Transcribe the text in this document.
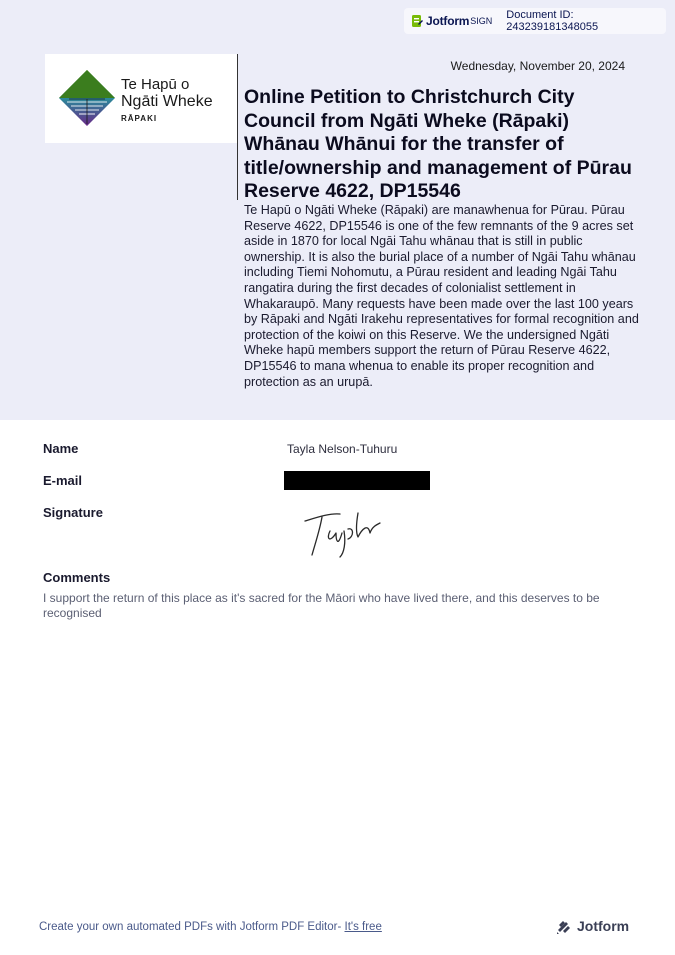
Jotform SIGN Document ID: 243239181348055
Te Hapū o
Ngāti Wheke
RĀPAKI
Wednesday, November 20, 2024
Online Petition to Christchurch City Council from Ngāti Wheke (Rāpaki) Whānau Whānui for the transfer of title/ownership and management of Pūrau Reserve 4622, DP15546
Te Hapū o Ngāti Wheke (Rāpaki) are manawhenua for Pūrau. Pūrau Reserve 4622, DP15546 is one of the few remnants of the 9 acres set aside in 1870 for local Ngāi Tahu whānau that is still in public ownership. It is also the burial place of a number of Ngāi Tahu whānau including Tiemi Nohomutu, a Pūrau resident and leading Ngāi Tahu rangatira during the first decades of colonialist settlement in Whakaraupō. Many requests have been made over the last 100 years by Rāpaki and Ngāti Irakehu representatives for formal recognition and protection of the koiwi on this Reserve. We the undersigned Ngāti Wheke hapū members support the return of Pūrau Reserve 4622, DP15546 to mana whenua to enable its proper recognition and protection as an urupā.
Name	Tayla Nelson-Tuhuru
E-mail
Signature
Comments
I support the return of this place as it's sacred for the Māori who have lived there, and this deserves to be recognised
Create your own automated PDFs with Jotform PDF Editor- It's free	Jotform
